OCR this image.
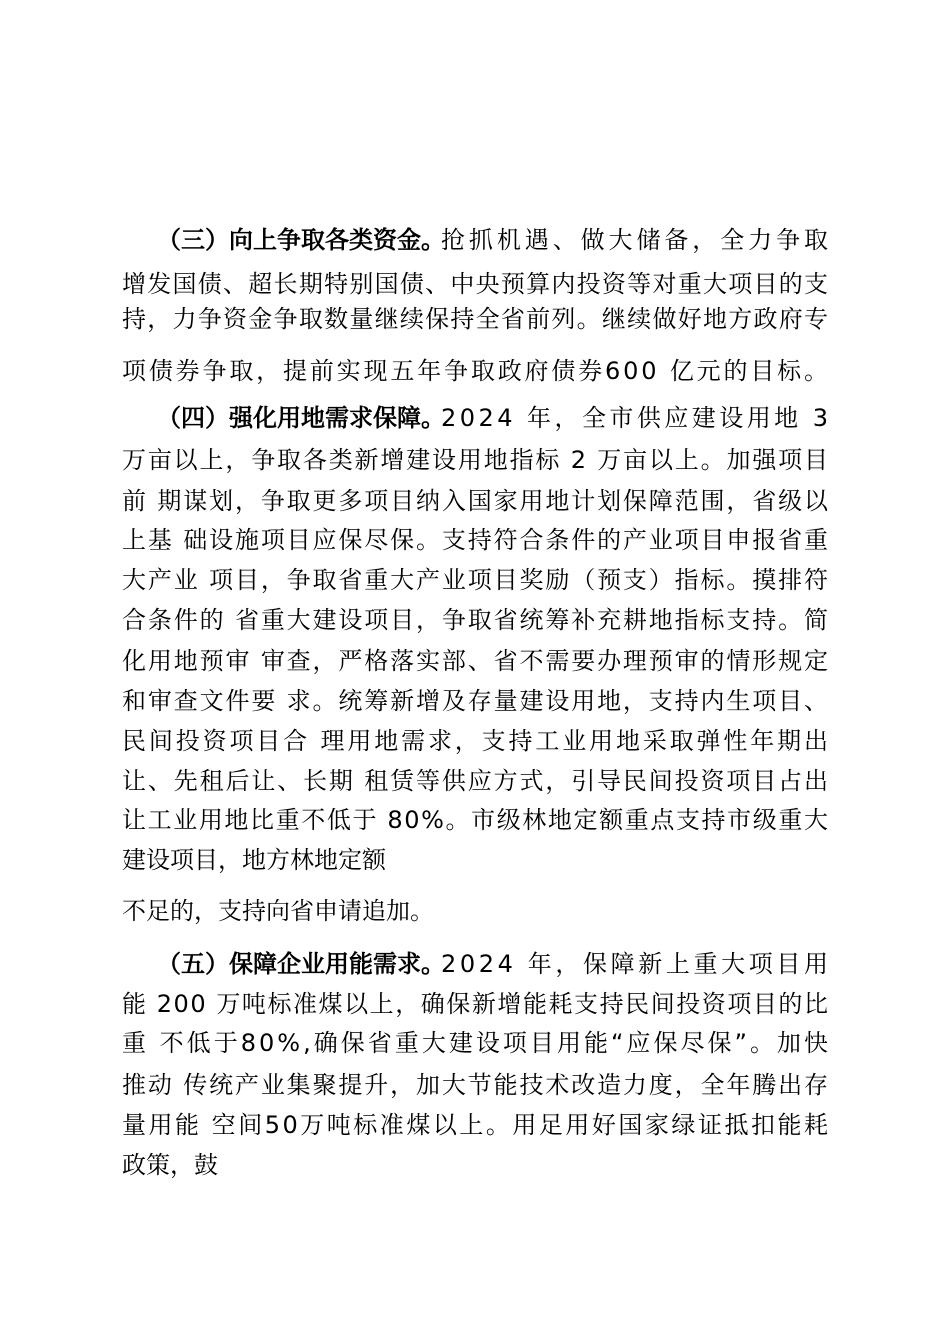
（三）向上争取各类资金。
抢抓机遇、做大储备，全力争取
增发国债、超长期特别国债、中央预算内投资等对重大项目的支
持，力争资金争取数量继续保持全省前列。继续做好地方政府专
项债券争取，提前实现五年争取政府债券600 亿元的目标。
（四）强化用地需求保障。
2024 年，全市供应建设用地 3
万亩以上，争取各类新增建设用地指标 2 万亩以上。加强项目
前 期谋划，争取更多项目纳入国家用地计划保障范围，省级以
上基 础设施项目应保尽保。支持符合条件的产业项目申报省重
大产业 项目，争取省重大产业项目奖励（预支）指标。摸排符
合条件的 省重大建设项目，争取省统筹补充耕地指标支持。简
化用地预审 审查，严格落实部、省不需要办理预审的情形规定
和审查文件要 求。统筹新增及存量建设用地，支持内生项目、
民间投资项目合 理用地需求，支持工业用地采取弹性年期出
让、先租后让、长期 租赁等供应方式，引导民间投资项目占出
让工业用地比重不低于 80%。市级林地定额重点支持市级重大
建设项目，地方林地定额
不足的，支持向省申请追加。
（五）保障企业用能需求。
2024 年，保障新上重大项目用
能 200 万吨标准煤以上，确保新增能耗支持民间投资项目的比
重 不低于80%,确保省重大建设项目用能“应保尽保”。加快
推动 传统产业集聚提升，加大节能技术改造力度，全年腾出存
量用能 空间50万吨标准煤以上。用足用好国家绿证抵扣能耗
政策，鼓
